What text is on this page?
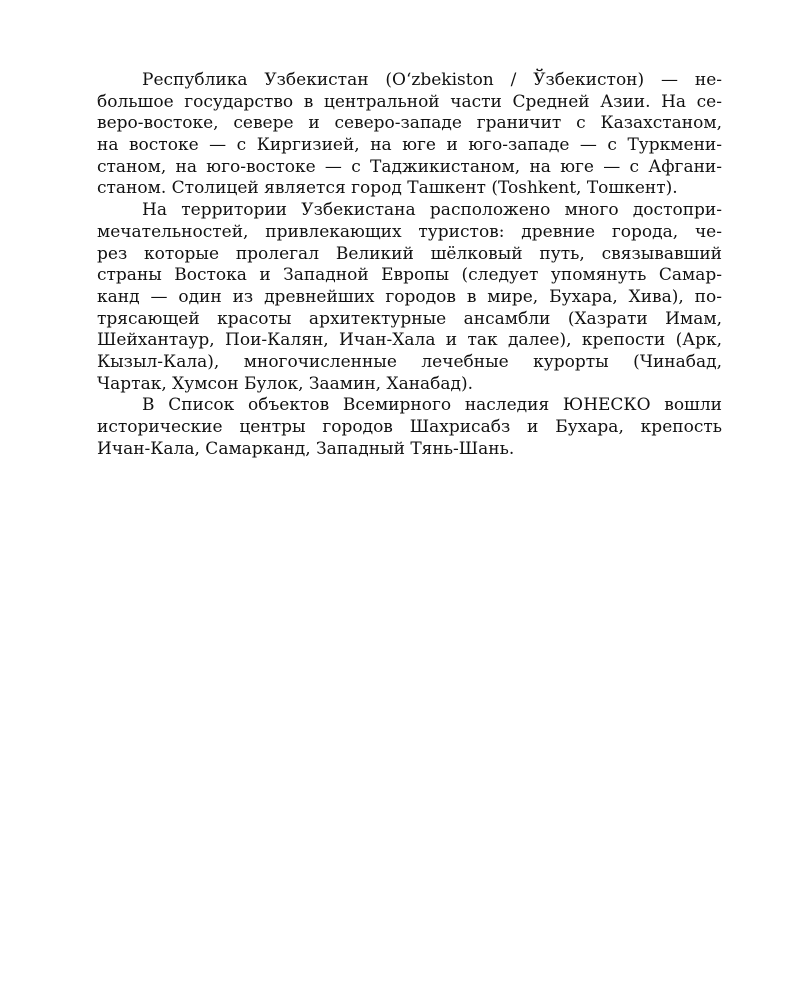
Республика Узбекистан (O‘zbekiston / Ўзбекистон) — не-
большое государство в центральной части Средней Азии. На се-
веро-востоке, севере и северо-западе граничит с Казахстаном,
на востоке — с Киргизией, на юге и юго-западе — с Туркмени-
станом, на юго-востоке — с Таджикистаном, на юге — с Афгани-
станом. Столицей является город Ташкент (Toshkent, Тошкент).
На территории Узбекистана расположено много достопри-
мечательностей, привлекающих туристов: древние города, че-
рез которые пролегал Великий шёлковый путь, связывавший
страны Востока и Западной Европы (следует упомянуть Самар-
канд — один из древнейших городов в мире, Бухара, Хива), по-
трясающей красоты архитектурные ансамбли (Хазрати Имам,
Шейхантаур, Пои-Калян, Ичан-Хала и так далее), крепости (Арк,
Кызыл-Кала), многочисленные лечебные курорты (Чинабад,
Чартак, Хумсон Булок, Заамин, Ханабад).
В Список объектов Всемирного наследия ЮНЕСКО вошли
исторические центры городов Шахрисабз и Бухара, крепость
Ичан-Кала, Самарканд, Западный Тянь-Шань.
